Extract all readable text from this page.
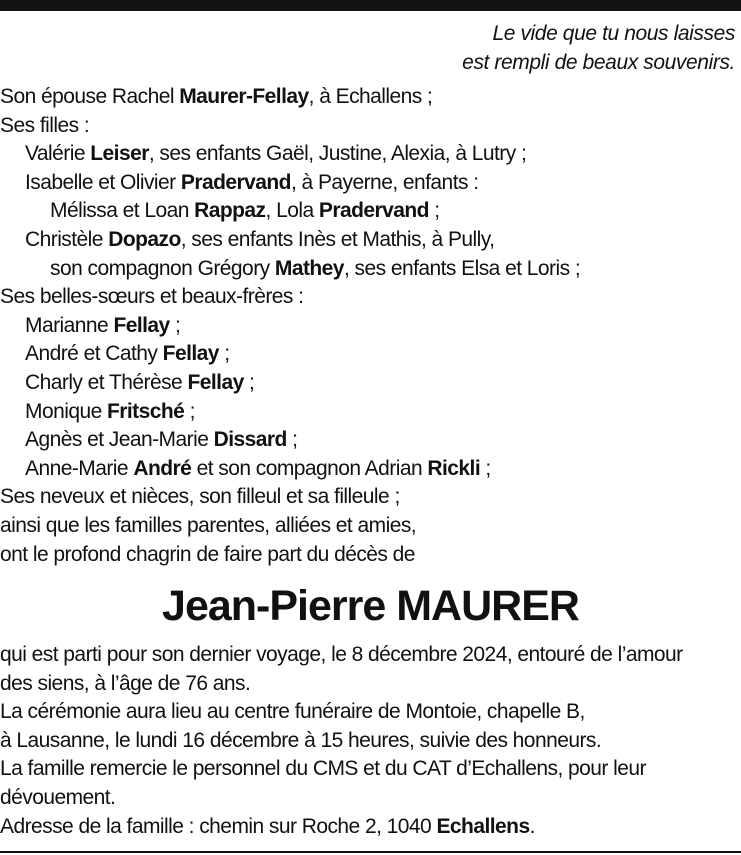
Le vide que tu nous laisses
est rempli de beaux souvenirs.
Son épouse Rachel Maurer-Fellay, à Echallens ;
Ses filles :
Valérie Leiser, ses enfants Gaël, Justine, Alexia, à Lutry ;
Isabelle et Olivier Pradervand, à Payerne, enfants :
Mélissa et Loan Rappaz, Lola Pradervand ;
Christèle Dopazo, ses enfants Inès et Mathis, à Pully,
son compagnon Grégory Mathey, ses enfants Elsa et Loris ;
Ses belles-sœurs et beaux-frères :
Marianne Fellay ;
André et Cathy Fellay ;
Charly et Thérèse Fellay ;
Monique Fritsché ;
Agnès et Jean-Marie Dissard ;
Anne-Marie André et son compagnon Adrian Rickli ;
Ses neveux et nièces, son filleul et sa filleule ;
ainsi que les familles parentes, alliées et amies,
ont le profond chagrin de faire part du décès de
Jean-Pierre MAURER
qui est parti pour son dernier voyage, le 8 décembre 2024, entouré de l’amour
des siens, à l’âge de 76 ans.
La cérémonie aura lieu au centre funéraire de Montoie, chapelle B,
à Lausanne, le lundi 16 décembre à 15 heures, suivie des honneurs.
La famille remercie le personnel du CMS et du CAT d’Echallens, pour leur
dévouement.
Adresse de la famille : chemin sur Roche 2, 1040 Echallens.
